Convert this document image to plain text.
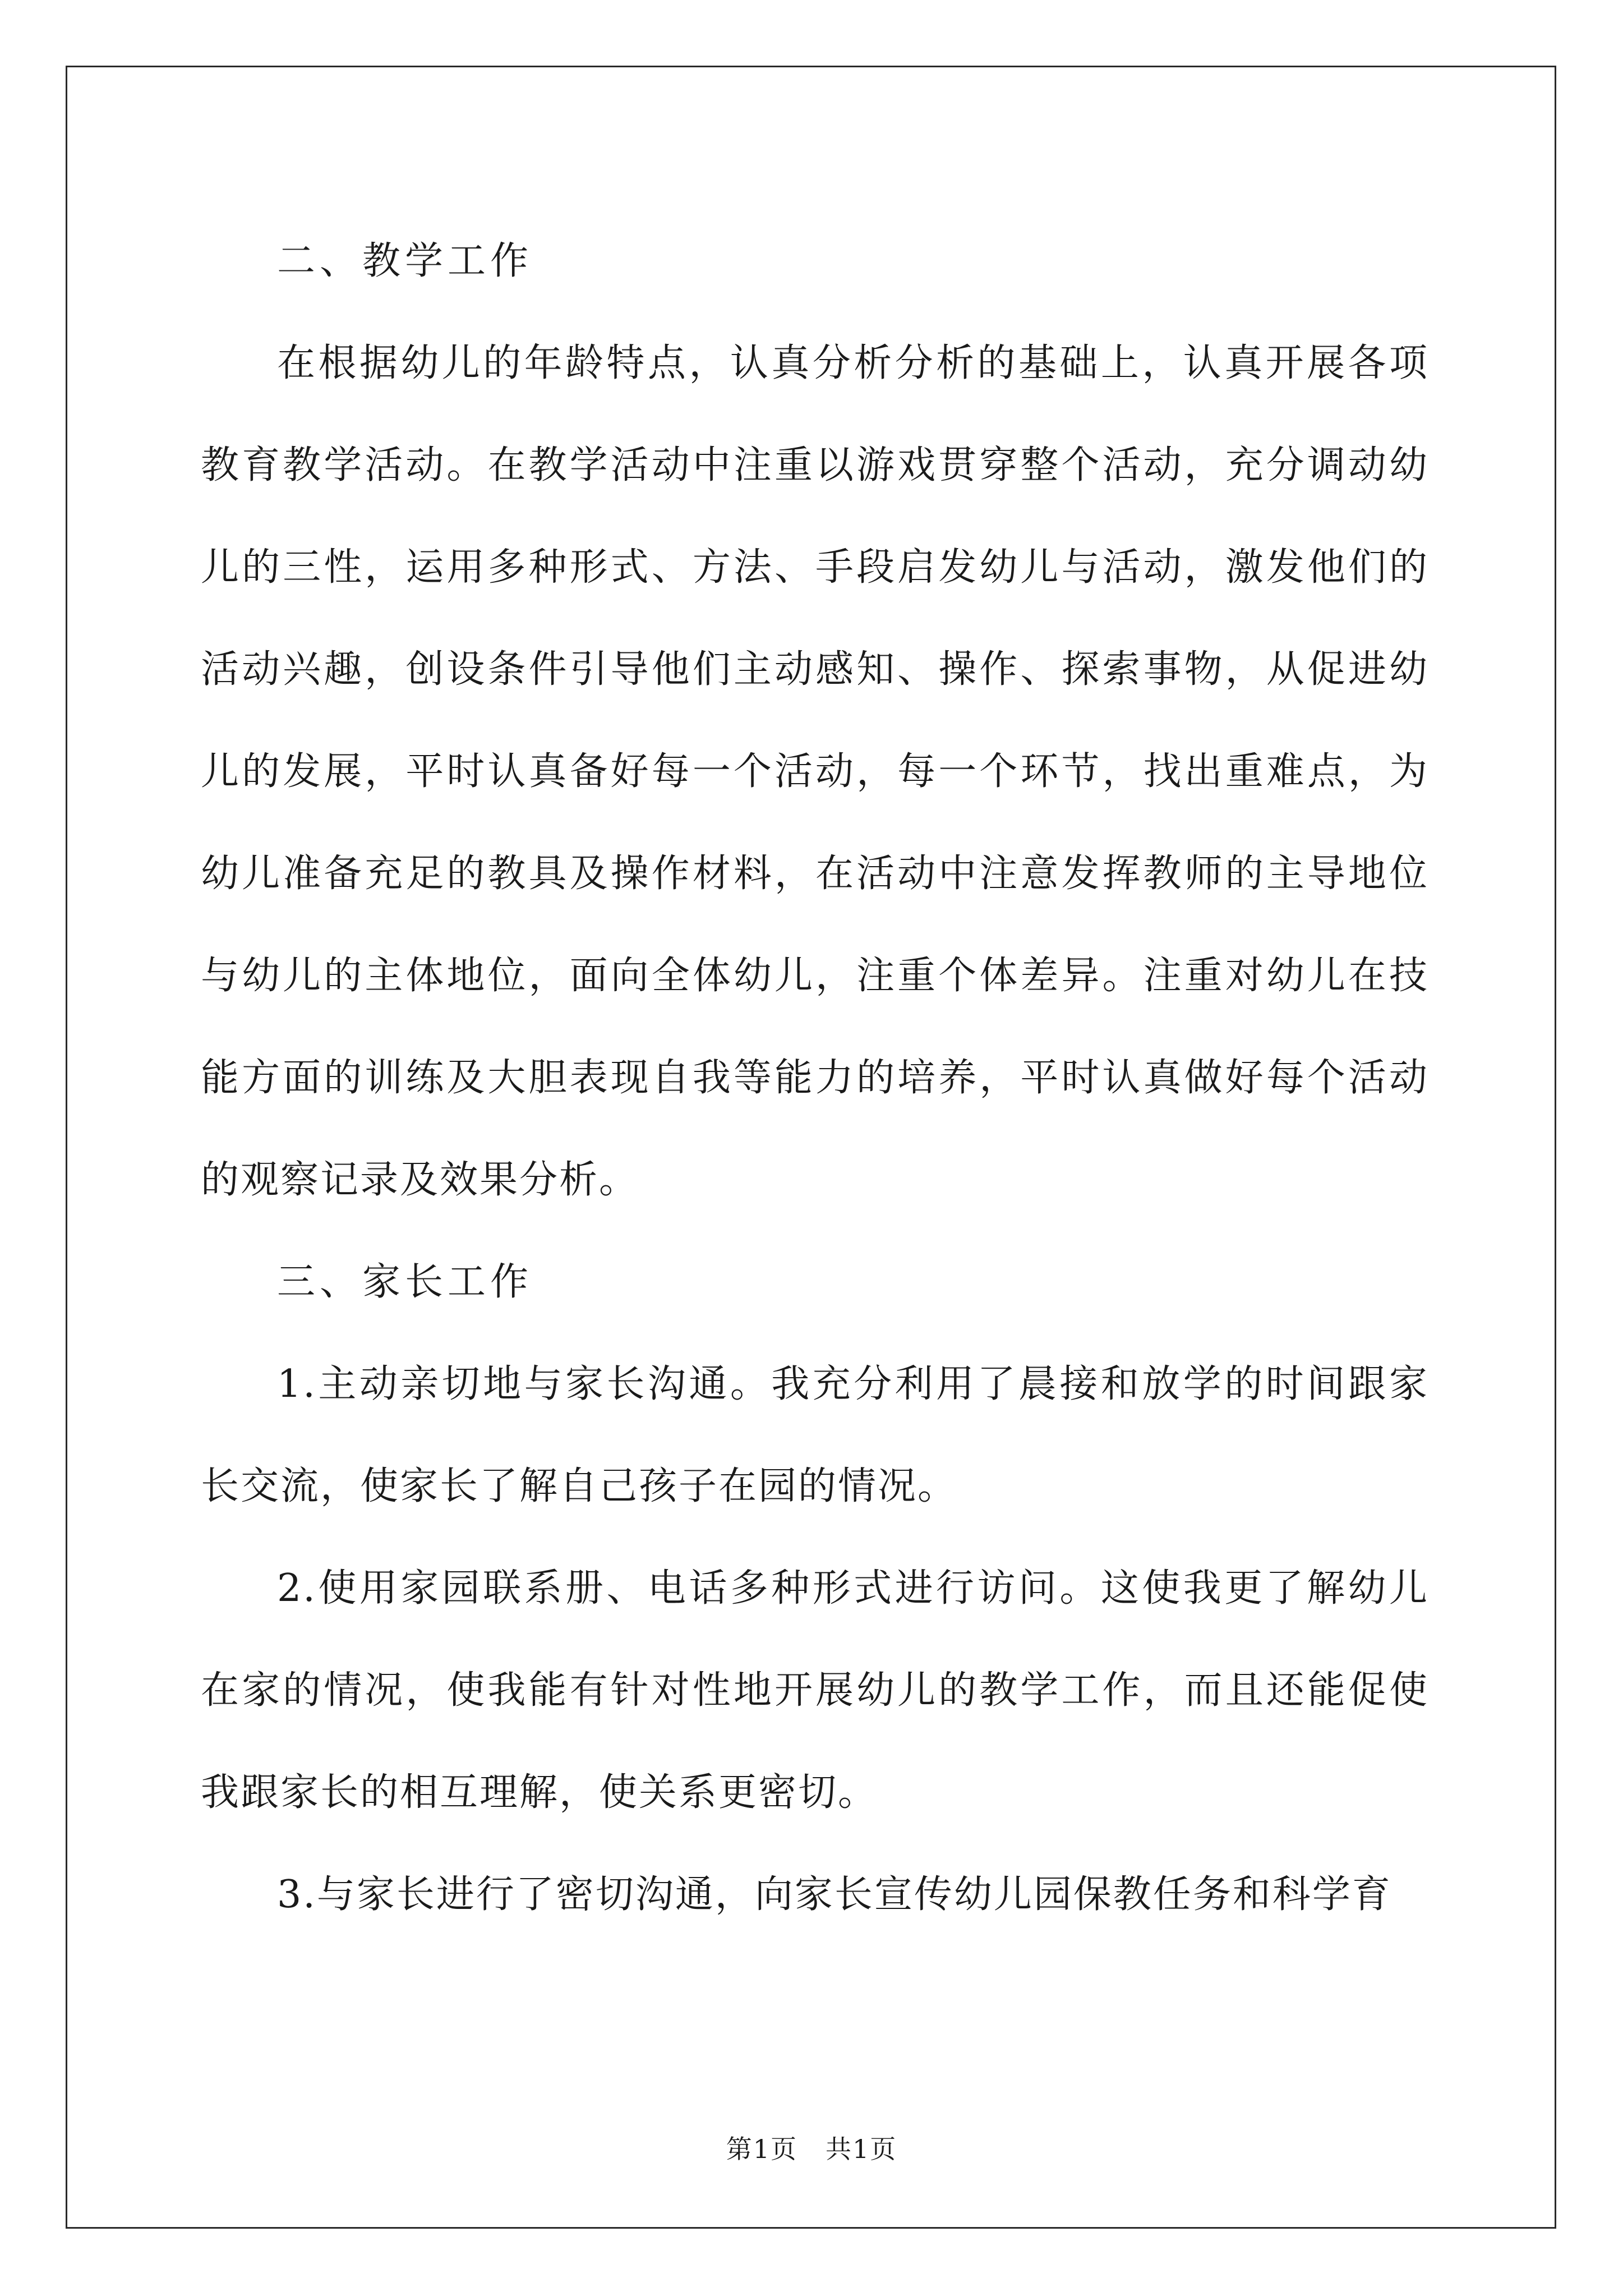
二、教学工作

在根据幼儿的年龄特点，认真分析分析的基础上，认真开展各项教育教学活动。在教学活动中注重以游戏贯穿整个活动，充分调动幼儿的三性，运用多种形式、方法、手段启发幼儿与活动，激发他们的活动兴趣，创设条件引导他们主动感知、操作、探索事物，从促进幼儿的发展，平时认真备好每一个活动，每一个环节，找出重难点，为幼儿准备充足的教具及操作材料，在活动中注意发挥教师的主导地位与幼儿的主体地位，面向全体幼儿，注重个体差异。注重对幼儿在技能方面的训练及大胆表现自我等能力的培养，平时认真做好每个活动的观察记录及效果分析。

三、家长工作

1.主动亲切地与家长沟通。我充分利用了晨接和放学的时间跟家长交流，使家长了解自己孩子在园的情况。

2.使用家园联系册、电话多种形式进行访问。这使我更了解幼儿在家的情况，使我能有针对性地开展幼儿的教学工作，而且还能促使我跟家长的相互理解，使关系更密切。

3.与家长进行了密切沟通，向家长宣传幼儿园保教任务和科学育

第1页 共1页
